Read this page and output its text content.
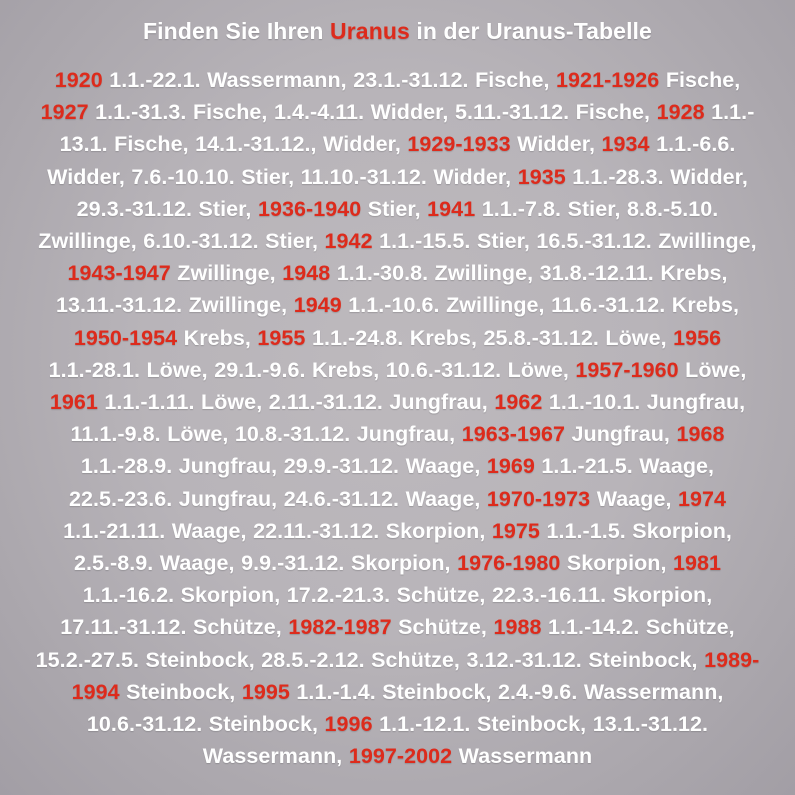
Finden Sie Ihren Uranus in der Uranus-Tabelle
1920 1.1.-22.1. Wassermann, 23.1.-31.12. Fische, 1921-1926 Fische, 1927 1.1.-31.3. Fische, 1.4.-4.11. Widder, 5.11.-31.12. Fische, 1928 1.1.- 13.1. Fische, 14.1.-31.12., Widder, 1929-1933 Widder, 1934 1.1.-6.6. Widder, 7.6.-10.10. Stier, 11.10.-31.12. Widder, 1935 1.1.-28.3. Widder, 29.3.-31.12. Stier, 1936-1940 Stier, 1941 1.1.-7.8. Stier, 8.8.-5.10. Zwillinge, 6.10.-31.12. Stier, 1942 1.1.-15.5. Stier, 16.5.-31.12. Zwillinge, 1943-1947 Zwillinge, 1948 1.1.-30.8. Zwillinge, 31.8.-12.11. Krebs, 13.11.-31.12. Zwillinge, 1949 1.1.-10.6. Zwillinge, 11.6.-31.12. Krebs, 1950-1954 Krebs, 1955 1.1.-24.8. Krebs, 25.8.-31.12. Löwe, 1956 1.1.-28.1. Löwe, 29.1.-9.6. Krebs, 10.6.-31.12. Löwe, 1957-1960 Löwe, 1961 1.1.-1.11. Löwe, 2.11.-31.12. Jungfrau, 1962 1.1.-10.1. Jungfrau, 11.1.-9.8. Löwe, 10.8.-31.12. Jungfrau, 1963-1967 Jungfrau, 1968 1.1.-28.9. Jungfrau, 29.9.-31.12. Waage, 1969 1.1.-21.5. Waage, 22.5.-23.6. Jungfrau, 24.6.-31.12. Waage, 1970-1973 Waage, 1974 1.1.-21.11. Waage, 22.11.-31.12. Skorpion, 1975 1.1.-1.5. Skorpion, 2.5.-8.9. Waage, 9.9.-31.12. Skorpion, 1976-1980 Skorpion, 1981 1.1.-16.2. Skorpion, 17.2.-21.3. Schütze, 22.3.-16.11. Skorpion, 17.11.-31.12. Schütze, 1982-1987 Schütze, 1988 1.1.-14.2. Schütze, 15.2.-27.5. Steinbock, 28.5.-2.12. Schütze, 3.12.-31.12. Steinbock, 1989-1994 Steinbock, 1995 1.1.-1.4. Steinbock, 2.4.-9.6. Wassermann, 10.6.-31.12. Steinbock, 1996 1.1.-12.1. Steinbock, 13.1.-31.12. Wassermann, 1997-2002 Wassermann
